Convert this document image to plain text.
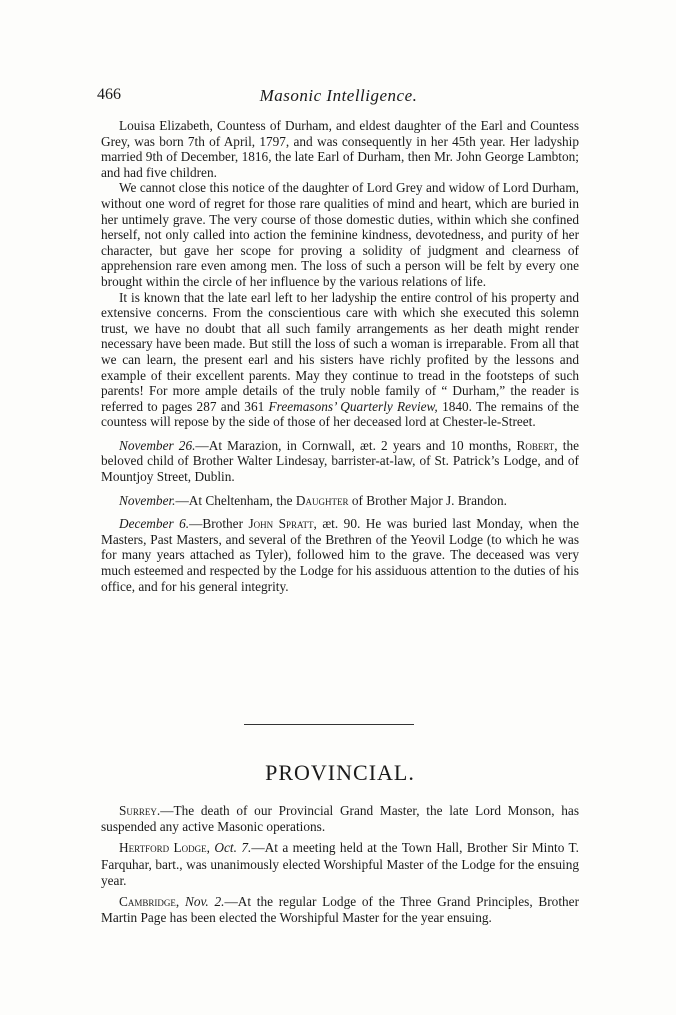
466	Masonic Intelligence.

Louisa Elizabeth, Countess of Durham, and eldest daughter of the Earl and Countess Grey, was born 7th of April, 1797, and was consequently in her 45th year. Her ladyship married 9th of December, 1816, the late Earl of Durham, then Mr. John George Lambton; and had five children.

We cannot close this notice of the daughter of Lord Grey and widow of Lord Durham, without one word of regret for those rare qualities of mind and heart, which are buried in her untimely grave. The very course of those domestic duties, within which she confined herself, not only called into action the feminine kindness, devotedness, and purity of her character, but gave her scope for proving a solidity of judgment and clearness of apprehension rare even among men. The loss of such a person will be felt by every one brought within the circle of her influence by the various relations of life.

It is known that the late earl left to her ladyship the entire control of his property and extensive concerns. From the conscientious care with which she executed this solemn trust, we have no doubt that all such family arrangements as her death might render necessary have been made. But still the loss of such a woman is irreparable. From all that we can learn, the present earl and his sisters have richly profited by the lessons and example of their excellent parents. May they continue to tread in the footsteps of such parents! For more ample details of the truly noble family of “ Durham,” the reader is referred to pages 287 and 361 Freemasons’ Quarterly Review, 1840. The remains of the countess will repose by the side of those of her deceased lord at Chester-le-Street.

November 26.—At Marazion, in Cornwall, æt. 2 years and 10 months, Robert, the beloved child of Brother Walter Lindesay, barrister-at-law, of St. Patrick’s Lodge, and of Mountjoy Street, Dublin.

November.—At Cheltenham, the Daughter of Brother Major J. Brandon.

December 6.—Brother John Spratt, æt. 90. He was buried last Monday, when the Masters, Past Masters, and several of the Brethren of the Yeovil Lodge (to which he was for many years attached as Tyler), followed him to the grave. The deceased was very much esteemed and respected by the Lodge for his assiduous attention to the duties of his office, and for his general integrity.

PROVINCIAL.

Surrey.—The death of our Provincial Grand Master, the late Lord Monson, has suspended any active Masonic operations.

Hertford Lodge, Oct. 7.—At a meeting held at the Town Hall, Brother Sir Minto T. Farquhar, bart., was unanimously elected Worshipful Master of the Lodge for the ensuing year.

Cambridge, Nov. 2.—At the regular Lodge of the Three Grand Principles, Brother Martin Page has been elected the Worshipful Master for the year ensuing.
